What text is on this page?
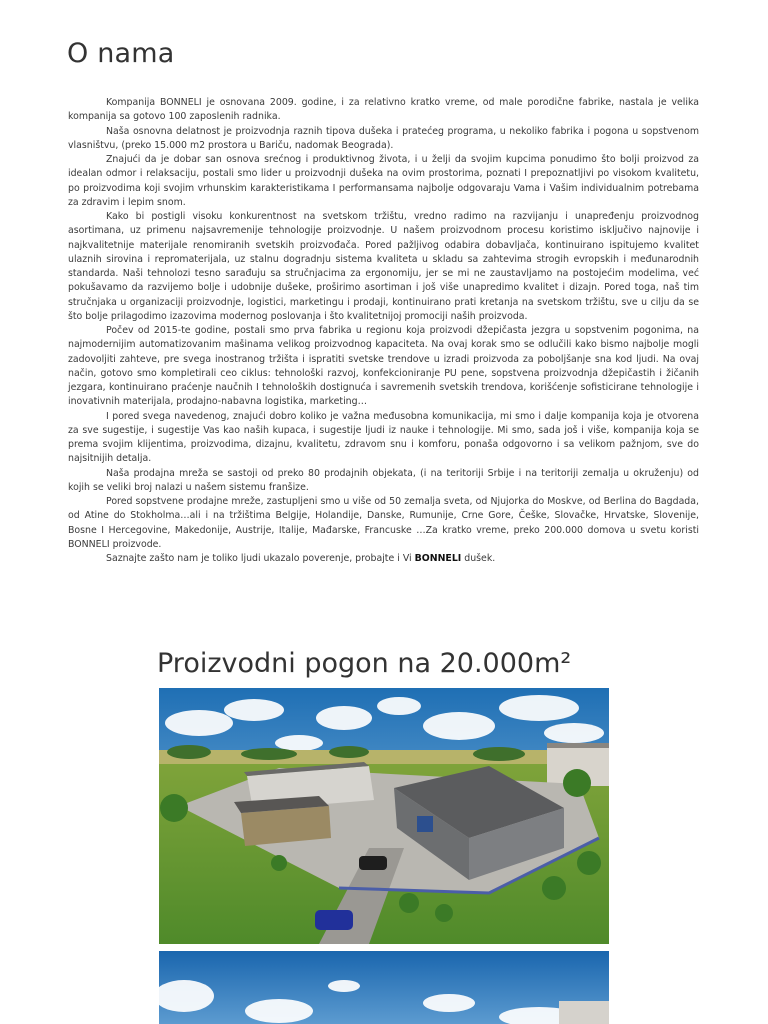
O nama

Kompanija BONNELI je osnovana 2009. godine, i za relativno kratko vreme, od male porodične fabrike, nastala je velika kompanija sa gotovo 100 zaposlenih radnika.

Naša osnovna delatnost je proizvodnja raznih tipova dušeka i pratećeg programa, u nekoliko fabrika i pogona u sopstvenom vlasništvu, (preko 15.000 m2 prostora u Bariču, nadomak Beograda).

Znajući da je dobar san osnova srećnog i produktivnog života, i u želji da svojim kupcima ponudimo što bolji proizvod za idealan odmor i relaksaciju, postali smo lider u proizvodnji dušeka na ovim prostorima, poznati I prepoznatljivi po visokom kvalitetu, po proizvodima koji svojim vrhunskim karakteristikama I performansama najbolje odgovaraju Vama i Vašim individualnim potrebama za zdravim i lepim snom.

Kako bi postigli visoku konkurentnost na svetskom tržištu, vredno radimo na razvijanju i unapređenju proizvodnog asortimana, uz primenu najsavremenije tehnologije proizvodnje. U našem proizvodnom procesu koristimo isključivo najnovije i najkvalitetnije materijale renomiranih svetskih proizvođača. Pored pažljivog odabira dobavljača, kontinuirano ispitujemo kvalitet ulaznih sirovina i repromaterijala, uz stalnu dogradnju sistema kvaliteta u skladu sa zahtevima strogih evropskih i međunarodnih standarda. Naši tehnolozi tesno sarađuju sa stručnjacima za ergonomiju, jer se mi ne zaustavljamo na postojećim modelima, već pokušavamo da razvijemo bolje i udobnije dušeke, proširimo asortiman i još više unapredimo kvalitet i dizajn. Pored toga, naš tim stručnjaka u organizaciji proizvodnje, logistici, marketingu i prodaji, kontinuirano prati kretanja na svetskom tržištu, sve u cilju da se što bolje prilagodimo izazovima modernog poslovanja i što kvalitetnijoj promociji naših proizvoda.

Počev od 2015-te godine, postali smo prva fabrika u regionu koja proizvodi džepičasta jezgra u sopstvenim pogonima, na najmodernijim automatizovanim mašinama velikog proizvodnog kapaciteta. Na ovaj korak smo se odlučili kako bismo najbolje mogli zadovoljiti zahteve, pre svega inostranog tržišta i ispratiti svetske trendove u izradi proizvoda za poboljšanje sna kod ljudi. Na ovaj način, gotovo smo kompletirali ceo ciklus: tehnološki razvoj, konfekcioniranje PU pene, sopstvena proizvodnja džepičastih i žičanih jezgara, kontinuirano praćenje naučnih I tehnoloških dostignuća i savremenih svetskih trendova, korišćenje sofisticirane tehnologije i inovativnih materijala, prodajno-nabavna logistika, marketing…

I pored svega navedenog, znajući dobro koliko je važna međusobna komunikacija, mi smo i dalje kompanija koja je otvorena za sve sugestije, i sugestije Vas kao naših kupaca, i sugestije ljudi iz nauke i tehnologije. Mi smo, sada još i više, kompanija koja se prema svojim klijentima, proizvodima, dizajnu, kvalitetu, zdravom snu i komforu, ponaša odgovorno i sa velikom pažnjom, sve do najsitnijih detalja.

Naša prodajna mreža se sastoji od preko 80 prodajnih objekata, (i na teritoriji Srbije i na teritoriji zemalja u okruženju) od kojih se veliki broj nalazi u našem sistemu franšize.

Pored sopstvene prodajne mreže, zastupljeni smo u više od 50 zemalja sveta, od Njujorka do Moskve, od Berlina do Bagdada, od Atine do Stokholma…ali i na tržištima Belgije, Holandije, Danske, Rumunije, Crne Gore, Češke, Slovačke, Hrvatske, Slovenije, Bosne I Hercegovine, Makedonije, Austrije, Italije, Mađarske, Francuske …Za kratko vreme, preko 200.000 domova u svetu koristi BONNELI proizvode.

Saznajte zašto nam je toliko ljudi ukazalo poverenje, probajte i Vi BONNELI dušek.

Proizvodni pogon na 20.000m²
